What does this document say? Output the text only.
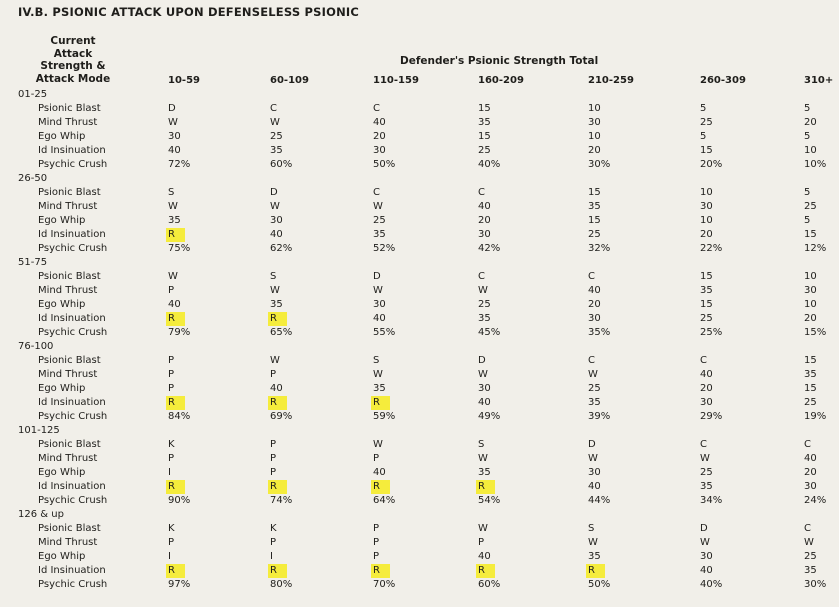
IV.B. PSIONIC ATTACK UPON DEFENSELESS PSIONIC
Current
Attack
Strength &
Attack Mode
Defender's Psionic Strength Total
10-59	60-109	110-159	160-209	210-259	260-309	310+
01-25
Psionic Blast	D	C	C	15	10	5	5
Mind Thrust	W	W	40	35	30	25	20
Ego Whip	30	25	20	15	10	5	5
Id Insinuation	40	35	30	25	20	15	10
Psychic Crush	72%	60%	50%	40%	30%	20%	10%
26-50
Psionic Blast	S	D	C	C	15	10	5
Mind Thrust	W	W	W	40	35	30	25
Ego Whip	35	30	25	20	15	10	5
Id Insinuation	R	40	35	30	25	20	15
Psychic Crush	75%	62%	52%	42%	32%	22%	12%
51-75
Psionic Blast	W	S	D	C	C	15	10
Mind Thrust	P	W	W	W	40	35	30
Ego Whip	40	35	30	25	20	15	10
Id Insinuation	R	R	40	35	30	25	20
Psychic Crush	79%	65%	55%	45%	35%	25%	15%
76-100
Psionic Blast	P	W	S	D	C	C	15
Mind Thrust	P	P	W	W	W	40	35
Ego Whip	P	40	35	30	25	20	15
Id Insinuation	R	R	R	40	35	30	25
Psychic Crush	84%	69%	59%	49%	39%	29%	19%
101-125
Psionic Blast	K	P	W	S	D	C	C
Mind Thrust	P	P	P	W	W	W	40
Ego Whip	I	P	40	35	30	25	20
Id Insinuation	R	R	R	R	40	35	30
Psychic Crush	90%	74%	64%	54%	44%	34%	24%
126 & up
Psionic Blast	K	K	P	W	S	D	C
Mind Thrust	P	P	P	P	W	W	W
Ego Whip	I	I	P	40	35	30	25
Id Insinuation	R	R	R	R	R	40	35
Psychic Crush	97%	80%	70%	60%	50%	40%	30%
